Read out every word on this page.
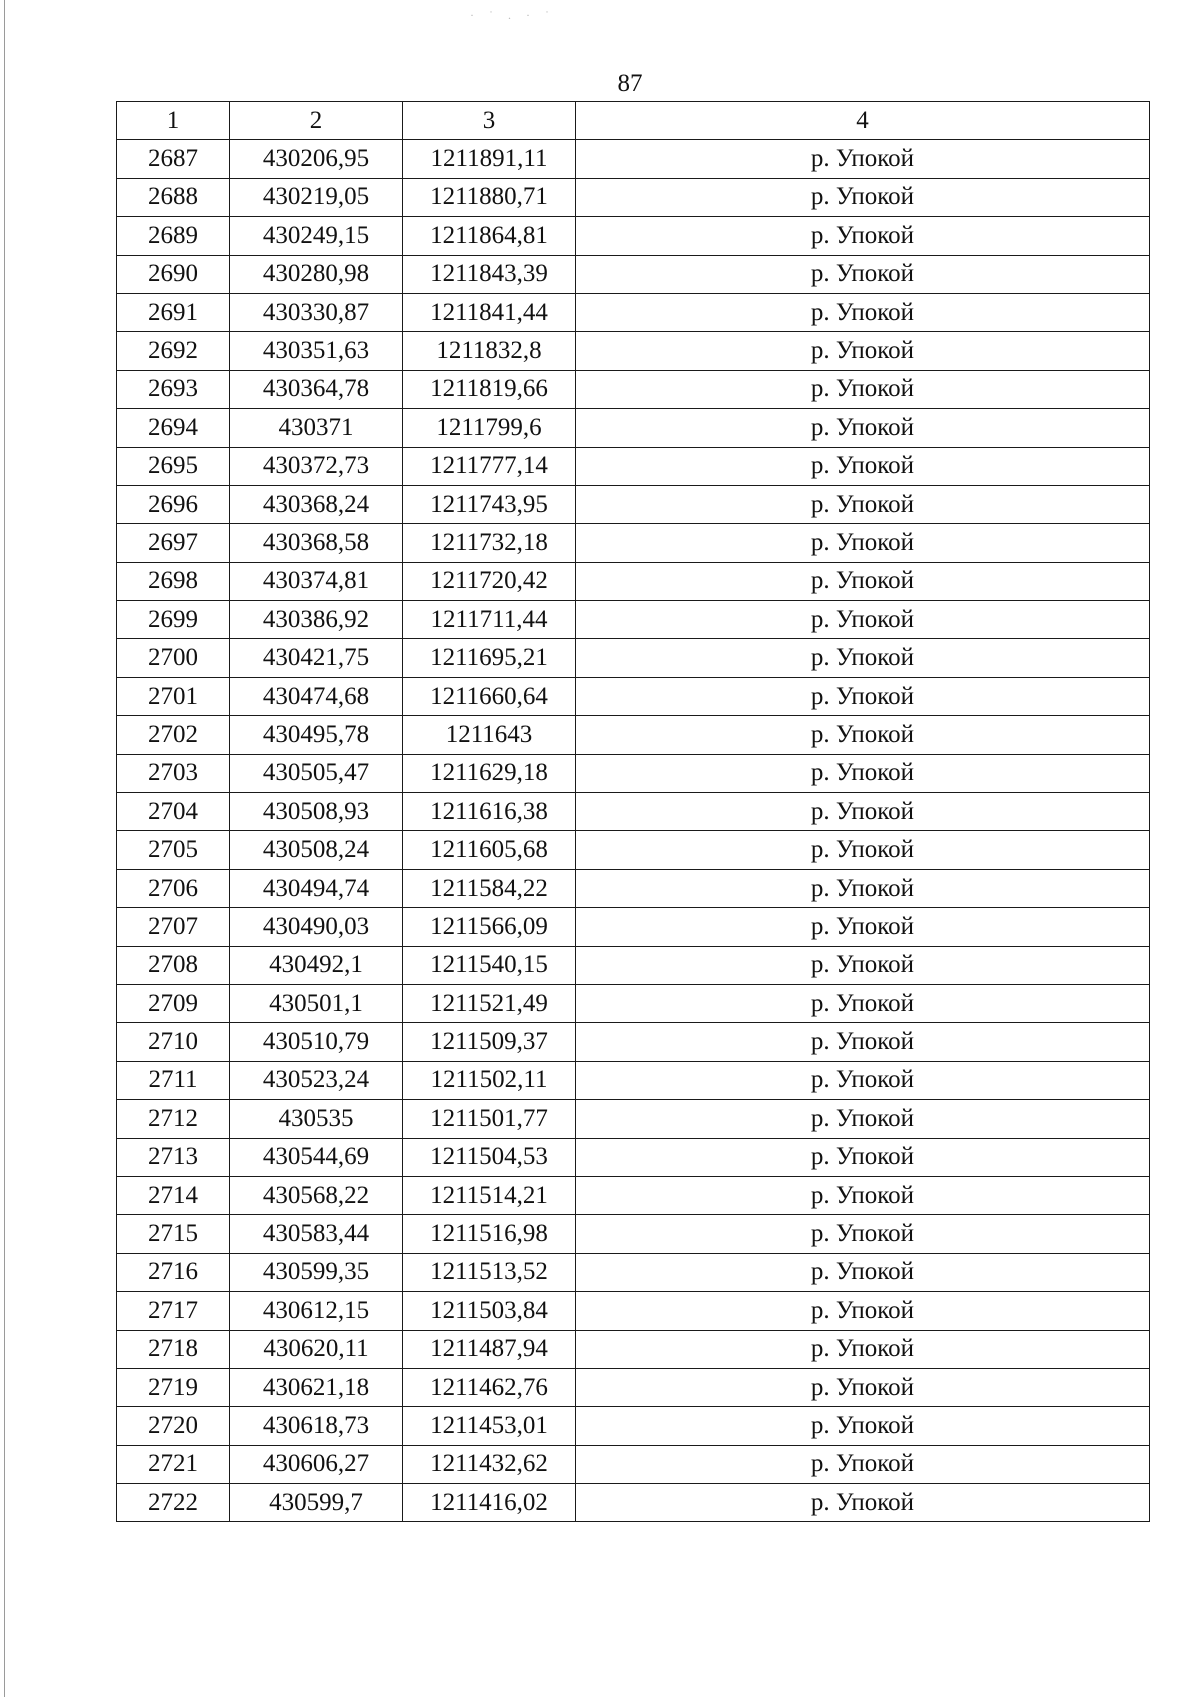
· ˙ . · ˙
87
1	2	3	4
2687	430206,95	1211891,11	р. Упокой
2688	430219,05	1211880,71	р. Упокой
2689	430249,15	1211864,81	р. Упокой
2690	430280,98	1211843,39	р. Упокой
2691	430330,87	1211841,44	р. Упокой
2692	430351,63	1211832,8	р. Упокой
2693	430364,78	1211819,66	р. Упокой
2694	430371	1211799,6	р. Упокой
2695	430372,73	1211777,14	р. Упокой
2696	430368,24	1211743,95	р. Упокой
2697	430368,58	1211732,18	р. Упокой
2698	430374,81	1211720,42	р. Упокой
2699	430386,92	1211711,44	р. Упокой
2700	430421,75	1211695,21	р. Упокой
2701	430474,68	1211660,64	р. Упокой
2702	430495,78	1211643	р. Упокой
2703	430505,47	1211629,18	р. Упокой
2704	430508,93	1211616,38	р. Упокой
2705	430508,24	1211605,68	р. Упокой
2706	430494,74	1211584,22	р. Упокой
2707	430490,03	1211566,09	р. Упокой
2708	430492,1	1211540,15	р. Упокой
2709	430501,1	1211521,49	р. Упокой
2710	430510,79	1211509,37	р. Упокой
2711	430523,24	1211502,11	р. Упокой
2712	430535	1211501,77	р. Упокой
2713	430544,69	1211504,53	р. Упокой
2714	430568,22	1211514,21	р. Упокой
2715	430583,44	1211516,98	р. Упокой
2716	430599,35	1211513,52	р. Упокой
2717	430612,15	1211503,84	р. Упокой
2718	430620,11	1211487,94	р. Упокой
2719	430621,18	1211462,76	р. Упокой
2720	430618,73	1211453,01	р. Упокой
2721	430606,27	1211432,62	р. Упокой
2722	430599,7	1211416,02	р. Упокой
